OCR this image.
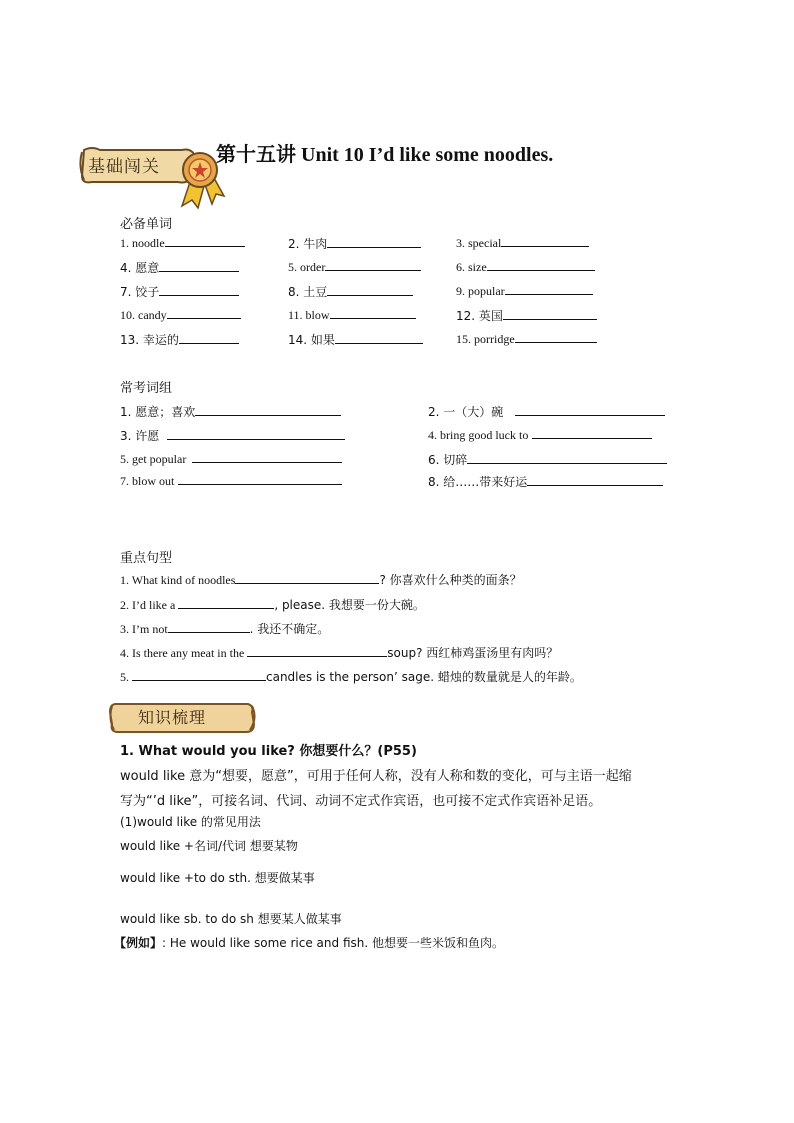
基础闯关
第十五讲 Unit 10 I’d like some noodles.
必备单词
1. noodle	2. 牛肉	3. special
4. 愿意	5. order	6. size
7. 饺子	8. 土豆	9. popular
10. candy	11. blow	12. 英国
13. 幸运的	14. 如果	15. porridge
常考词组
1. 愿意；喜欢	2. 一（大）碗
3. 许愿	4. bring good luck to
5. get popular	6. 切碎
7. blow out	8. 给……带来好运
重点句型
1. What kind of noodles	? 你喜欢什么种类的面条？
2. I’d like a	, please. 我想要一份大碗。
3. I’m not	. 我还不确定。
4. Is there any meat in the	soup? 西红柿鸡蛋汤里有肉吗？
5.	candles is the person’ sage. 蜡烛的数量就是人的年龄。
知识梳理
1. What would you like? 你想要什么？(P55)
would like 意为“想要，愿意”，可用于任何人称，没有人称和数的变化，可与主语一起缩
写为“’d like”，可接名词、代词、动词不定式作宾语，也可接不定式作宾语补足语。
(1)would like 的常见用法
would like +名词/代词 想要某物
would like +to do sth. 想要做某事
would like sb. to do sh 想要某人做某事
【例如】: He would like some rice and fish. 他想要一些米饭和鱼肉。
